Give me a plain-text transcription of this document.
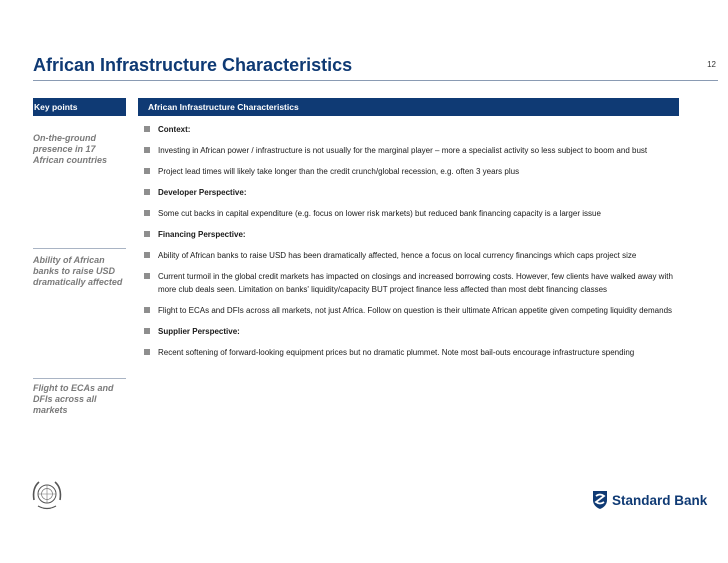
African Infrastructure Characteristics	12
Key points	African Infrastructure Characteristics
On-the-ground presence in 17 African countries
Ability of African banks to raise USD dramatically affected
Flight to ECAs and DFIs across all markets
Context:
Investing in African power / infrastructure is not usually for the marginal player – more a specialist activity so less subject to boom and bust
Project lead times will likely take longer than the credit crunch/global recession, e.g. often 3 years plus
Developer Perspective:
Some cut backs in capital expenditure (e.g. focus on lower risk markets) but reduced bank financing capacity is a larger issue
Financing Perspective:
Ability of African banks to raise USD has been dramatically affected, hence a focus on local currency financings which caps project size
Current turmoil in the global credit markets has impacted on closings and increased borrowing costs. However, few clients have walked away with more club deals seen. Limitation on banks' liquidity/capacity BUT project finance less affected than most debt financing classes
Flight to ECAs and DFIs across all markets, not just Africa. Follow on question is their ultimate African appetite given competing liquidity demands
Supplier Perspective:
Recent softening of forward-looking equipment prices but no dramatic plummet. Note most bail-outs encourage infrastructure spending
Standard Bank
